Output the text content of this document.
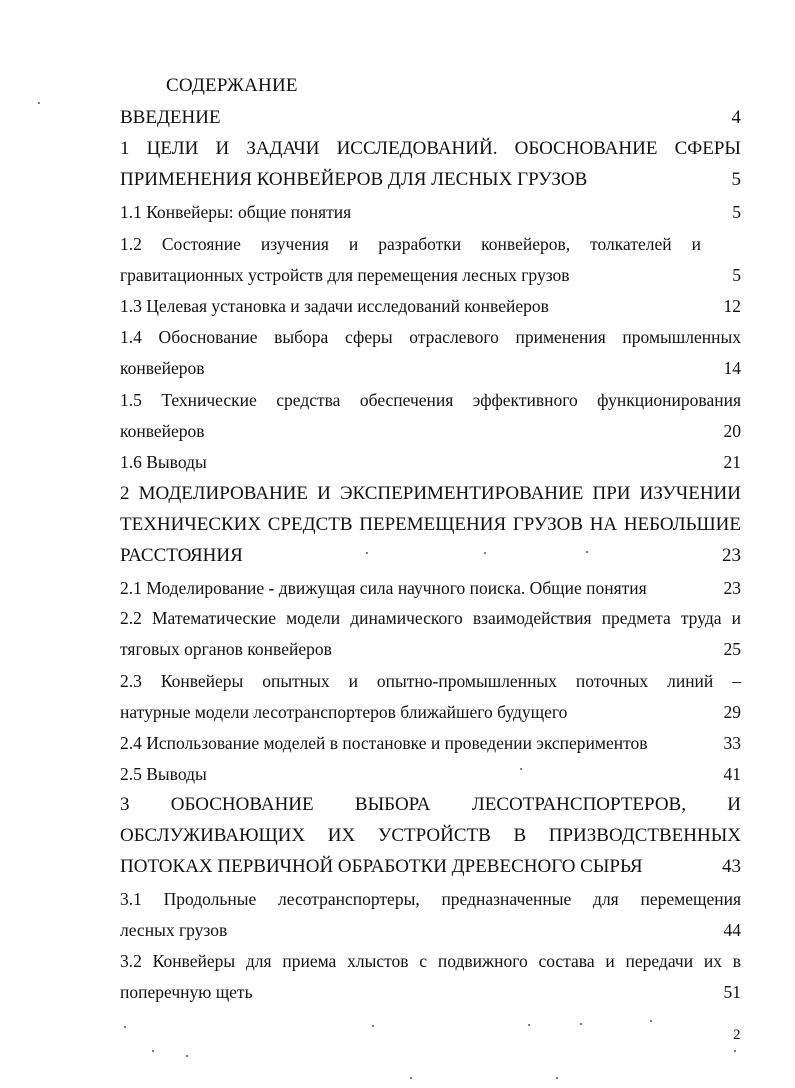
СОДЕРЖАНИЕ
ВВЕДЕНИЕ	4
1 ЦЕЛИ И ЗАДАЧИ ИССЛЕДОВАНИЙ. ОБОСНОВАНИЕ СФЕРЫ
ПРИМЕНЕНИЯ КОНВЕЙЕРОВ ДЛЯ ЛЕСНЫХ ГРУЗОВ	5
1.1 Конвейеры: общие понятия	5
1.2 Состояние изучения и разработки конвейеров, толкателей и
гравитационных устройств для перемещения лесных грузов	5
1.3 Целевая установка и задачи исследований конвейеров	12
1.4 Обоснование выбора сферы отраслевого применения промышленных
конвейеров	14
1.5 Технические средства обеспечения эффективного функционирования
конвейеров	20
1.6 Выводы	21
2 МОДЕЛИРОВАНИЕ И ЭКСПЕРИМЕНТИРОВАНИЕ ПРИ ИЗУЧЕНИИ
ТЕХНИЧЕСКИХ СРЕДСТВ ПЕРЕМЕЩЕНИЯ ГРУЗОВ НА НЕБОЛЬШИЕ
РАССТОЯНИЯ	23
2.1 Моделирование - движущая сила научного поиска. Общие понятия	23
2.2 Математические модели динамического взаимодействия предмета труда и
тяговых органов конвейеров	25
2.3 Конвейеры опытных и опытно-промышленных поточных линий –
натурные модели лесотранспортеров ближайшего будущего	29
2.4 Использование моделей в постановке и проведении экспериментов	33
2.5 Выводы	41
3 ОБОСНОВАНИЕ ВЫБОРА ЛЕСОТРАНСПОРТЕРОВ, И
ОБСЛУЖИВАЮЩИХ ИХ УСТРОЙСТВ В ПРИЗВОДСТВЕННЫХ
ПОТОКАХ ПЕРВИЧНОЙ ОБРАБОТКИ ДРЕВЕСНОГО СЫРЬЯ	43
3.1 Продольные лесотранспортеры, предназначенные для перемещения
лесных грузов	44
3.2 Конвейеры для приема хлыстов с подвижного состава и передачи их в
поперечную щеть	51
2
